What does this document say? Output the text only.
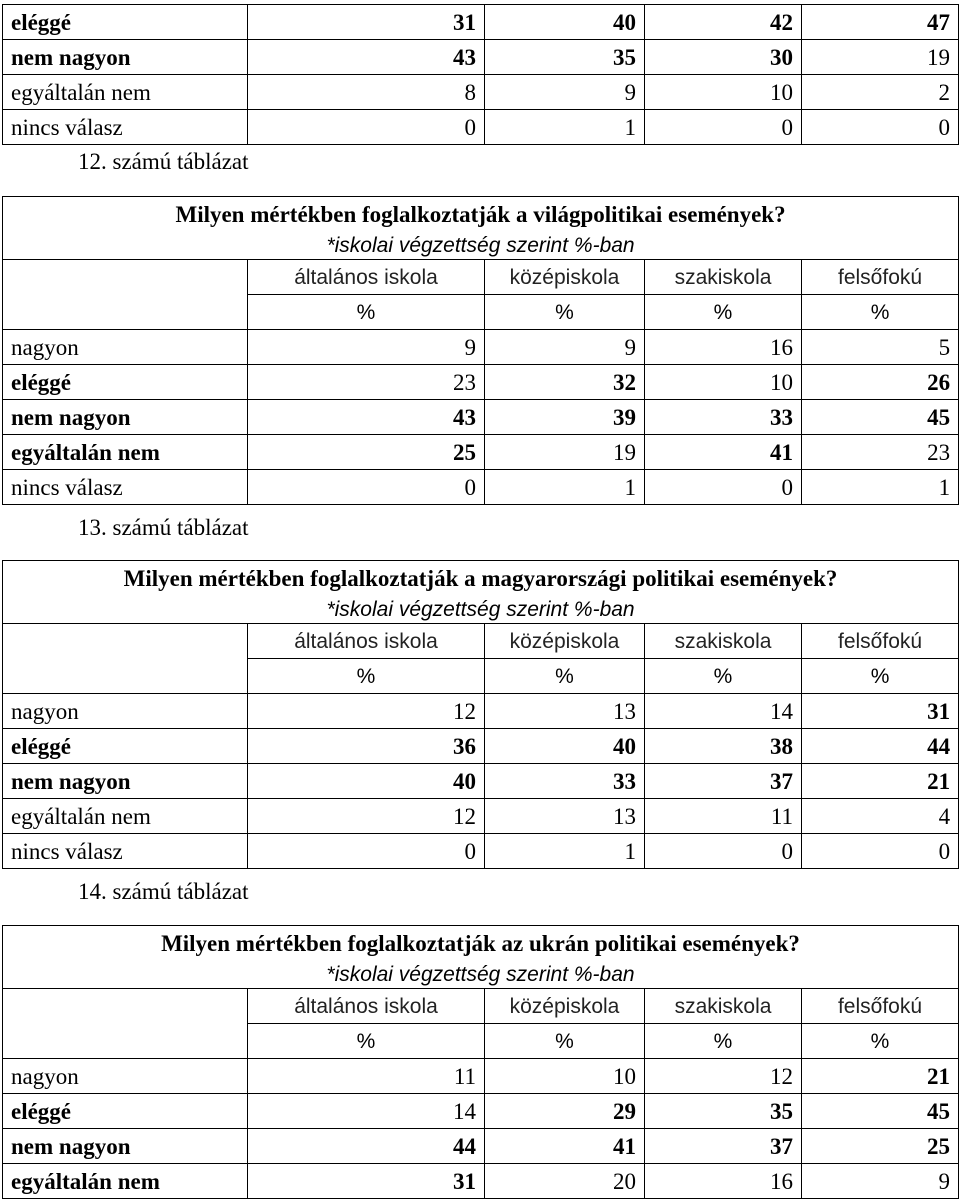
eléggé	31	40	42	47
nem nagyon	43	35	30	19
egyáltalán nem	8	9	10	2
nincs válasz	0	1	0	0
12. számú táblázat
Milyen mértékben foglalkoztatják a világpolitikai események?				
*iskolai végzettség szerint %-ban				
	általános iskola	középiskola	szakiskola	felsőfokú
	%	%	%	%
nagyon	9	9	16	5
eléggé	23	32	10	26
nem nagyon	43	39	33	45
egyáltalán nem	25	19	41	23
nincs válasz	0	1	0	1
13. számú táblázat
Milyen mértékben foglalkoztatják a magyarországi politikai események?				
*iskolai végzettség szerint %-ban				
	általános iskola	középiskola	szakiskola	felsőfokú
	%	%	%	%
nagyon	12	13	14	31
eléggé	36	40	38	44
nem nagyon	40	33	37	21
egyáltalán nem	12	13	11	4
nincs válasz	0	1	0	0
14. számú táblázat
Milyen mértékben foglalkoztatják az ukrán politikai események?				
*iskolai végzettség szerint %-ban				
	általános iskola	középiskola	szakiskola	felsőfokú
	%	%	%	%
nagyon	11	10	12	21
eléggé	14	29	35	45
nem nagyon	44	41	37	25
egyáltalán nem	31	20	16	9
